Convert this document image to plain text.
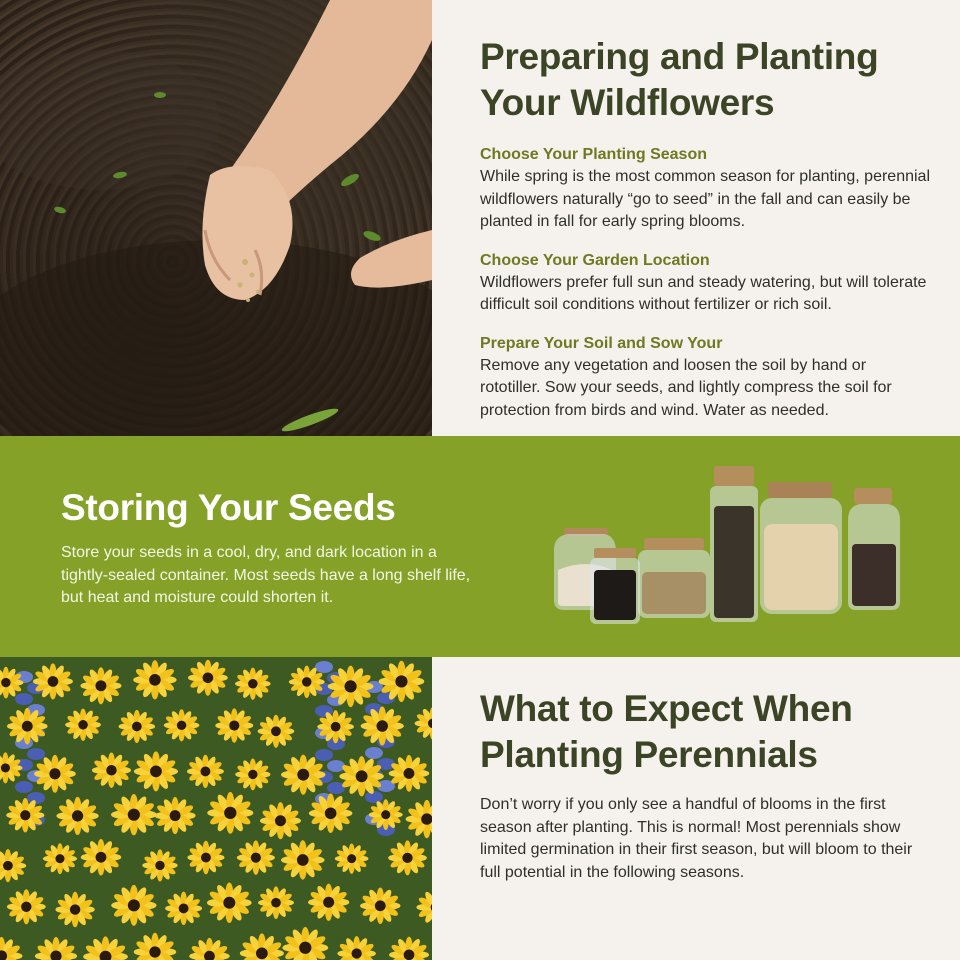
Preparing and Planting Your Wildflowers

Choose Your Planting Season

While spring is the most common season for planting, perennial wildflowers naturally “go to seed” in the fall and can easily be planted in fall for early spring blooms.

Choose Your Garden Location

Wildflowers prefer full sun and steady watering, but will tolerate difficult soil conditions without fertilizer or rich soil.

Prepare Your Soil and Sow Your

Remove any vegetation and loosen the soil by hand or rototiller. Sow your seeds, and lightly compress the soil for protection from birds and wind. Water as needed.

Storing Your Seeds

Store your seeds in a cool, dry, and dark location in a tightly-sealed container. Most seeds have a long shelf life, but heat and moisture could shorten it.

What to Expect When Planting Perennials

Don’t worry if you only see a handful of blooms in the first season after planting. This is normal! Most perennials show limited germination in their first season, but will bloom to their full potential in the following seasons.
